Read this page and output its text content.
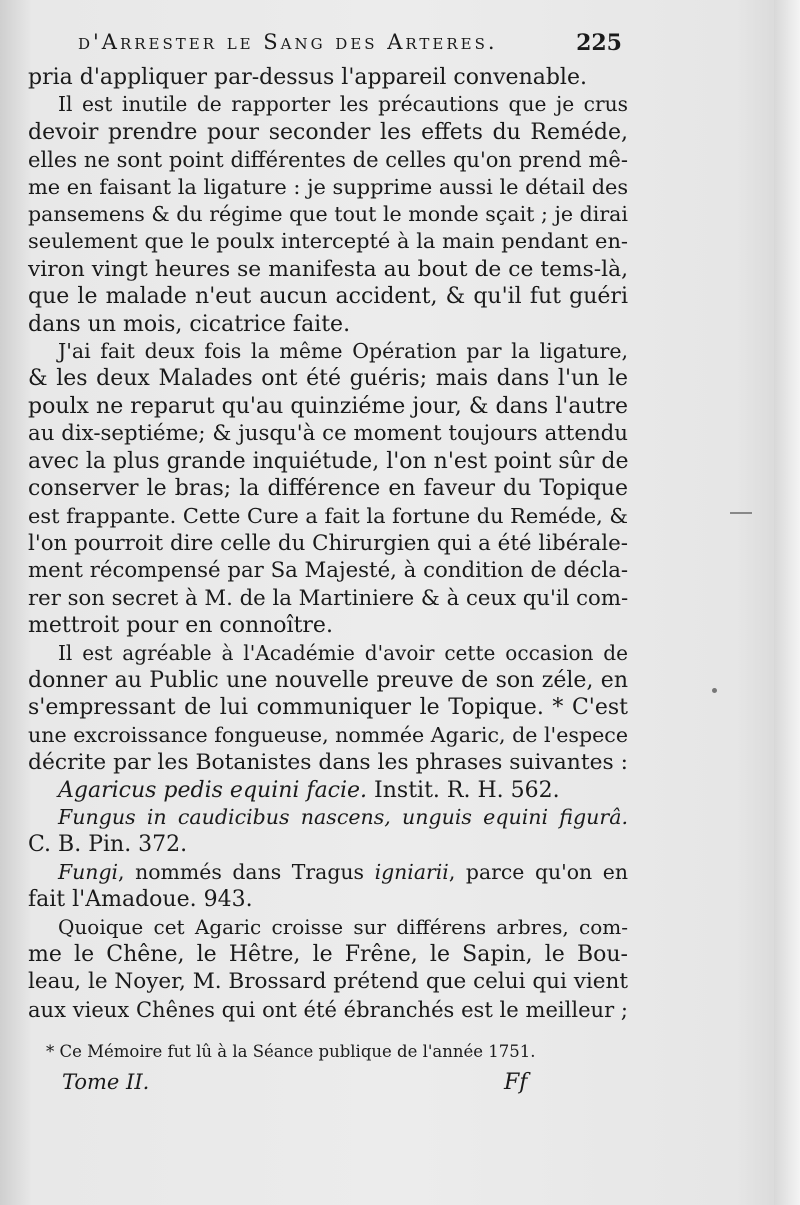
d'Arrester le Sang des Arteres.	225
pria d'appliquer par-dessus l'appareil convenable.
Il est inutile de rapporter les précautions que je crus
devoir prendre pour seconder les effets du Reméde,
elles ne sont point différentes de celles qu'on prend mê-
me en faisant la ligature : je supprime aussi le détail des
pansemens & du régime que tout le monde sçait ; je dirai
seulement que le poulx intercepté à la main pendant en-
viron vingt heures se manifesta au bout de ce tems-là,
que le malade n'eut aucun accident, & qu'il fut guéri
dans un mois, cicatrice faite.
J'ai fait deux fois la même Opération par la ligature,
& les deux Malades ont été guéris; mais dans l'un le
poulx ne reparut qu'au quinziéme jour, & dans l'autre
au dix-septiéme; & jusqu'à ce moment toujours attendu
avec la plus grande inquiétude, l'on n'est point sûr de
conserver le bras; la différence en faveur du Topique
est frappante. Cette Cure a fait la fortune du Reméde, &
l'on pourroit dire celle du Chirurgien qui a été libérale-
ment récompensé par Sa Majesté, à condition de décla-
rer son secret à M. de la Martiniere & à ceux qu'il com-
mettroit pour en connoître.
Il est agréable à l'Académie d'avoir cette occasion de
donner au Public une nouvelle preuve de son zéle, en
s'empressant de lui communiquer le Topique. * C'est
une excroissance fongueuse, nommée Agaric, de l'espece
décrite par les Botanistes dans les phrases suivantes :
Agaricus pedis equini facie. Instit. R. H. 562.
Fungus in caudicibus nascens, unguis equini figurâ.
C. B. Pin. 372.
Fungi, nommés dans Tragus igniarii, parce qu'on en
fait l'Amadoue. 943.
Quoique cet Agaric croisse sur différens arbres, com-
me le Chêne, le Hêtre, le Frêne, le Sapin, le Bou-
leau, le Noyer, M. Brossard prétend que celui qui vient
aux vieux Chênes qui ont été ébranchés est le meilleur ;
* Ce Mémoire fut lû à la Séance publique de l'année 1751.
Tome II.	Ff
